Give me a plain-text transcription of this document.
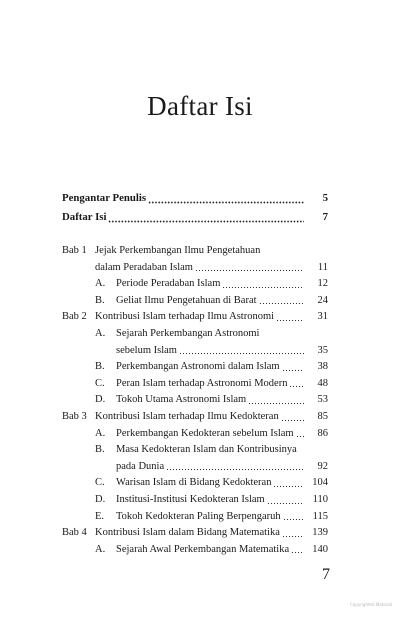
Daftar Isi
Pengantar Penulis	5
Daftar Isi	7
Bab 1 Jejak Perkembangan Ilmu Pengetahuan
dalam Peradaban Islam	11
A.	Periode Peradaban Islam	12
B.	Geliat Ilmu Pengetahuan di Barat	24
Bab 2 Kontribusi Islam terhadap Ilmu Astronomi	31
A.	Sejarah Perkembangan Astronomi
sebelum Islam	35
B.	Perkembangan Astronomi dalam Islam	38
C.	Peran Islam terhadap Astronomi Modern	48
D.	Tokoh Utama Astronomi Islam	53
Bab 3 Kontribusi Islam terhadap Ilmu Kedokteran	85
A.	Perkembangan Kedokteran sebelum Islam	86
B.	Masa Kedokteran Islam dan Kontribusinya
pada Dunia	92
C.	Warisan Islam di Bidang Kedokteran	104
D.	Institusi-Institusi Kedokteran Islam	110
E.	Tokoh Kedokteran Paling Berpengaruh	115
Bab 4 Kontribusi Islam dalam Bidang Matematika	139
A.	Sejarah Awal Perkembangan Matematika	140
7
Copyrighted Material
